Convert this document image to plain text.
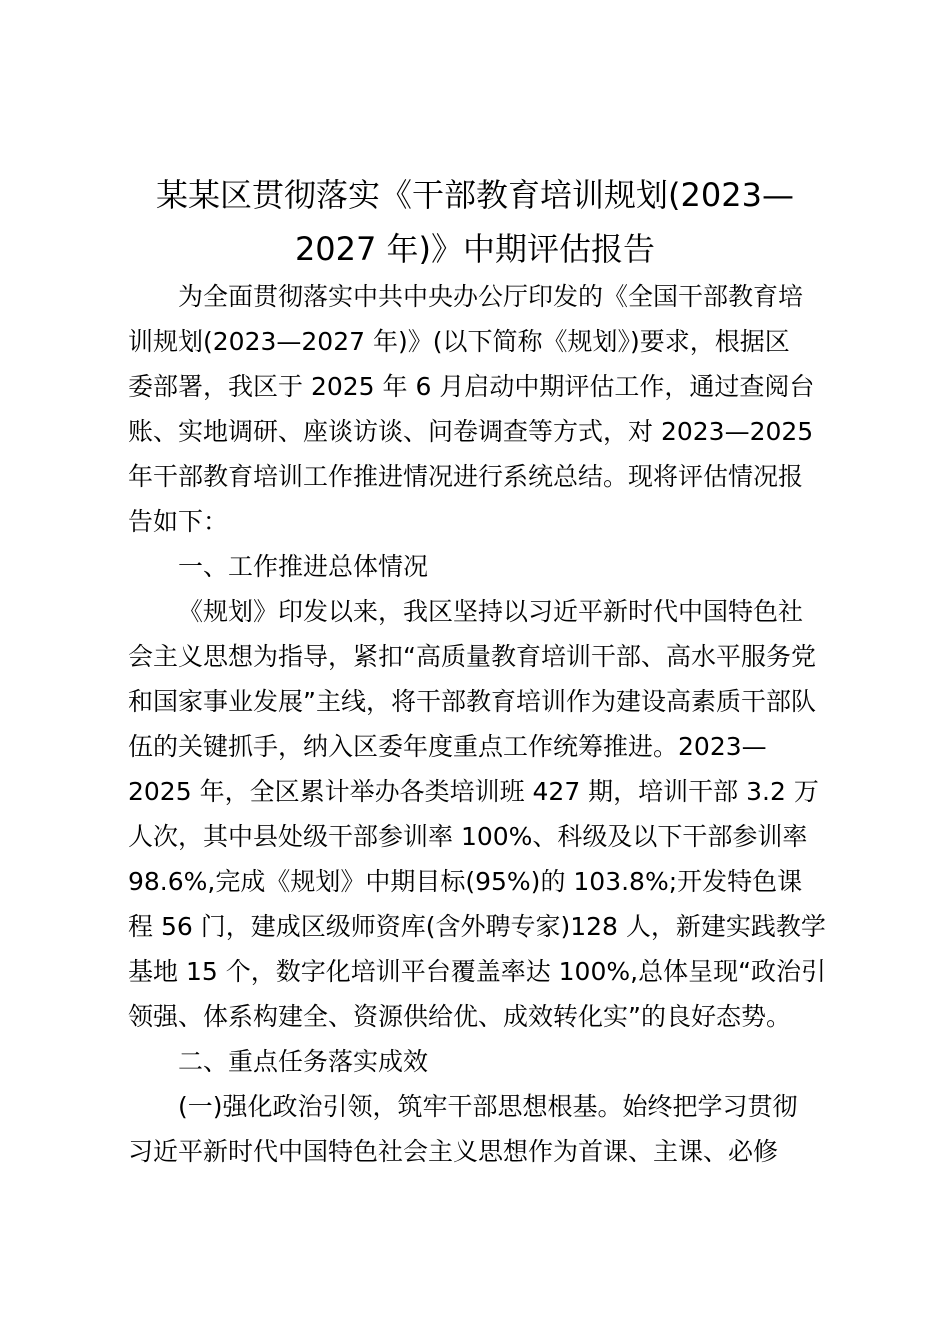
某某区贯彻落实《干部教育培训规划(2023—
2027 年)》中期评估报告
为全面贯彻落实中共中央办公厅印发的《全国干部教育培
训规划(2023—2027 年)》(以下简称《规划》)要求，根据区
委部署，我区于 2025 年 6 月启动中期评估工作，通过查阅台
账、实地调研、座谈访谈、问卷调查等方式，对 2023—2025
年干部教育培训工作推进情况进行系统总结。现将评估情况报
告如下：
一、工作推进总体情况
《规划》印发以来，我区坚持以习近平新时代中国特色社
会主义思想为指导，紧扣“高质量教育培训干部、高水平服务党
和国家事业发展”主线，将干部教育培训作为建设高素质干部队
伍的关键抓手，纳入区委年度重点工作统筹推进。2023—
2025 年，全区累计举办各类培训班 427 期，培训干部 3.2 万
人次，其中县处级干部参训率 100%、科级及以下干部参训率
98.6%,完成《规划》中期目标(95%)的 103.8%;开发特色课
程 56 门，建成区级师资库(含外聘专家)128 人，新建实践教学
基地 15 个，数字化培训平台覆盖率达 100%,总体呈现“政治引
领强、体系构建全、资源供给优、成效转化实”的良好态势。
二、重点任务落实成效
(一)强化政治引领，筑牢干部思想根基。始终把学习贯彻
习近平新时代中国特色社会主义思想作为首课、主课、必修
